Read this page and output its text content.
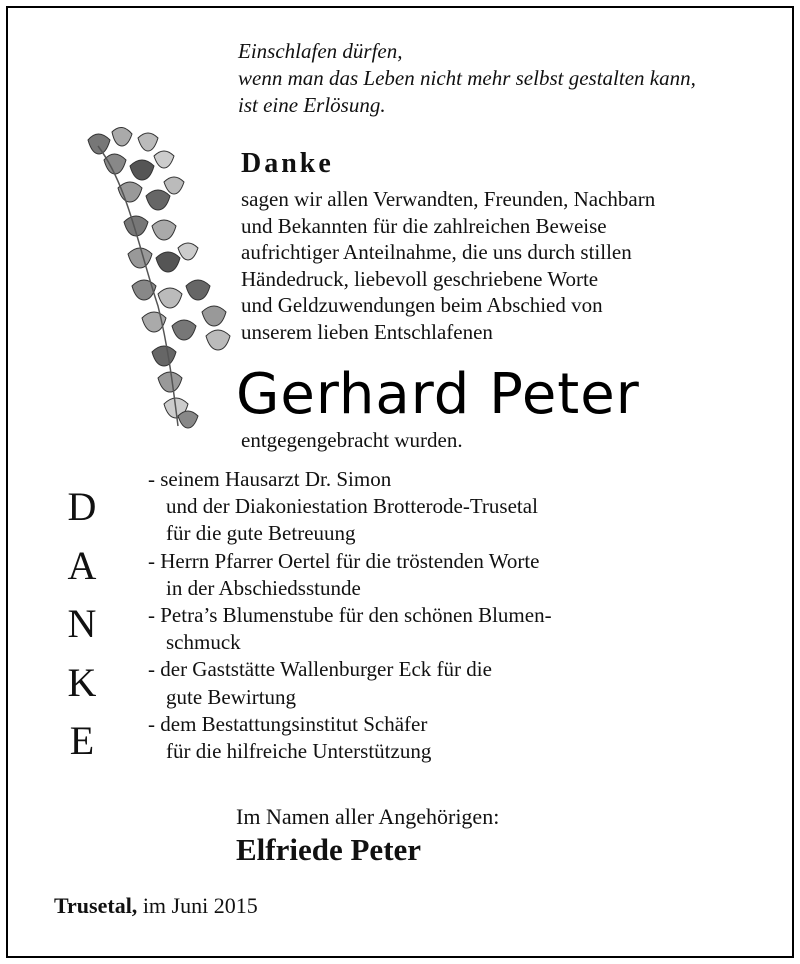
Einschlafen dürfen,
wenn man das Leben nicht mehr selbst gestalten kann,
ist eine Erlösung.
Danke
sagen wir allen Verwandten, Freunden, Nachbarn
und Bekannten für die zahlreichen Beweise
aufrichtiger Anteilnahme, die uns durch stillen
Händedruck, liebevoll geschriebene Worte
und Geldzuwendungen beim Abschied von
unserem lieben Entschlafenen
Gerhard Peter
entgegengebracht wurden.
D
A
N
K
E
- seinem Hausarzt Dr. Simon
und der Diakoniestation Brotterode-Trusetal
für die gute Betreuung
- Herrn Pfarrer Oertel für die tröstenden Worte
in der Abschiedsstunde
- Petra’s Blumenstube für den schönen Blumen-
schmuck
- der Gaststätte Wallenburger Eck für die
gute Bewirtung
- dem Bestattungsinstitut Schäfer
für die hilfreiche Unterstützung
Im Namen aller Angehörigen:
Elfriede Peter
Trusetal, im Juni 2015
